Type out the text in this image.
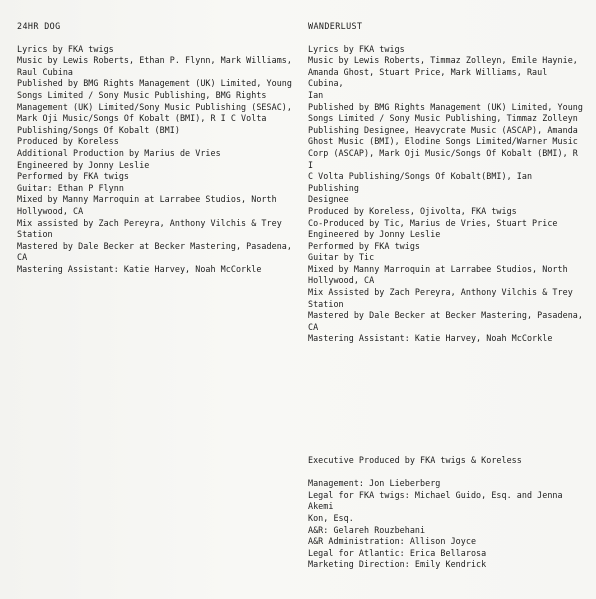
24HR DOG
Lyrics by FKA twigs
Music by Lewis Roberts, Ethan P. Flynn, Mark Williams,
Raul Cubina
Published by BMG Rights Management (UK) Limited, Young
Songs Limited / Sony Music Publishing, BMG Rights
Management (UK) Limited/Sony Music Publishing (SESAC),
Mark Oji Music/Songs Of Kobalt (BMI), R I C Volta
Publishing/Songs Of Kobalt (BMI)
Produced by Koreless
Additional Production by Marius de Vries
Engineered by Jonny Leslie
Performed by FKA twigs
Guitar: Ethan P Flynn
Mixed by Manny Marroquin at Larrabee Studios, North
Hollywood, CA
Mix assisted by Zach Pereyra, Anthony Vilchis & Trey
Station
Mastered by Dale Becker at Becker Mastering, Pasadena,
CA
Mastering Assistant: Katie Harvey, Noah McCorkle
WANDERLUST
Lyrics by FKA twigs
Music by Lewis Roberts, Timmaz Zolleyn, Emile Haynie,
Amanda Ghost, Stuart Price, Mark Williams, Raul Cubina,
Ian
Published by BMG Rights Management (UK) Limited, Young
Songs Limited / Sony Music Publishing, Timmaz Zolleyn
Publishing Designee, Heavycrate Music (ASCAP), Amanda
Ghost Music (BMI), Elodine Songs Limited/Warner Music
Corp (ASCAP), Mark Oji Music/Songs Of Kobalt (BMI), R I
C Volta Publishing/Songs Of Kobalt(BMI), Ian Publishing
Designee
Produced by Koreless, Ojivolta, FKA twigs
Co-Produced by Tic, Marius de Vries, Stuart Price
Engineered by Jonny Leslie
Performed by FKA twigs
Guitar by Tic
Mixed by Manny Marroquin at Larrabee Studios, North
Hollywood, CA
Mix Assisted by Zach Pereyra, Anthony Vilchis & Trey
Station
Mastered by Dale Becker at Becker Mastering, Pasadena,
CA
Mastering Assistant: Katie Harvey, Noah McCorkle
Executive Produced by FKA twigs & Koreless
Management: Jon Lieberberg
Legal for FKA twigs: Michael Guido, Esq. and Jenna Akemi
Kon, Esq.
A&R: Gelareh Rouzbehani
A&R Administration: Allison Joyce
Legal for Atlantic: Erica Bellarosa
Marketing Direction: Emily Kendrick
